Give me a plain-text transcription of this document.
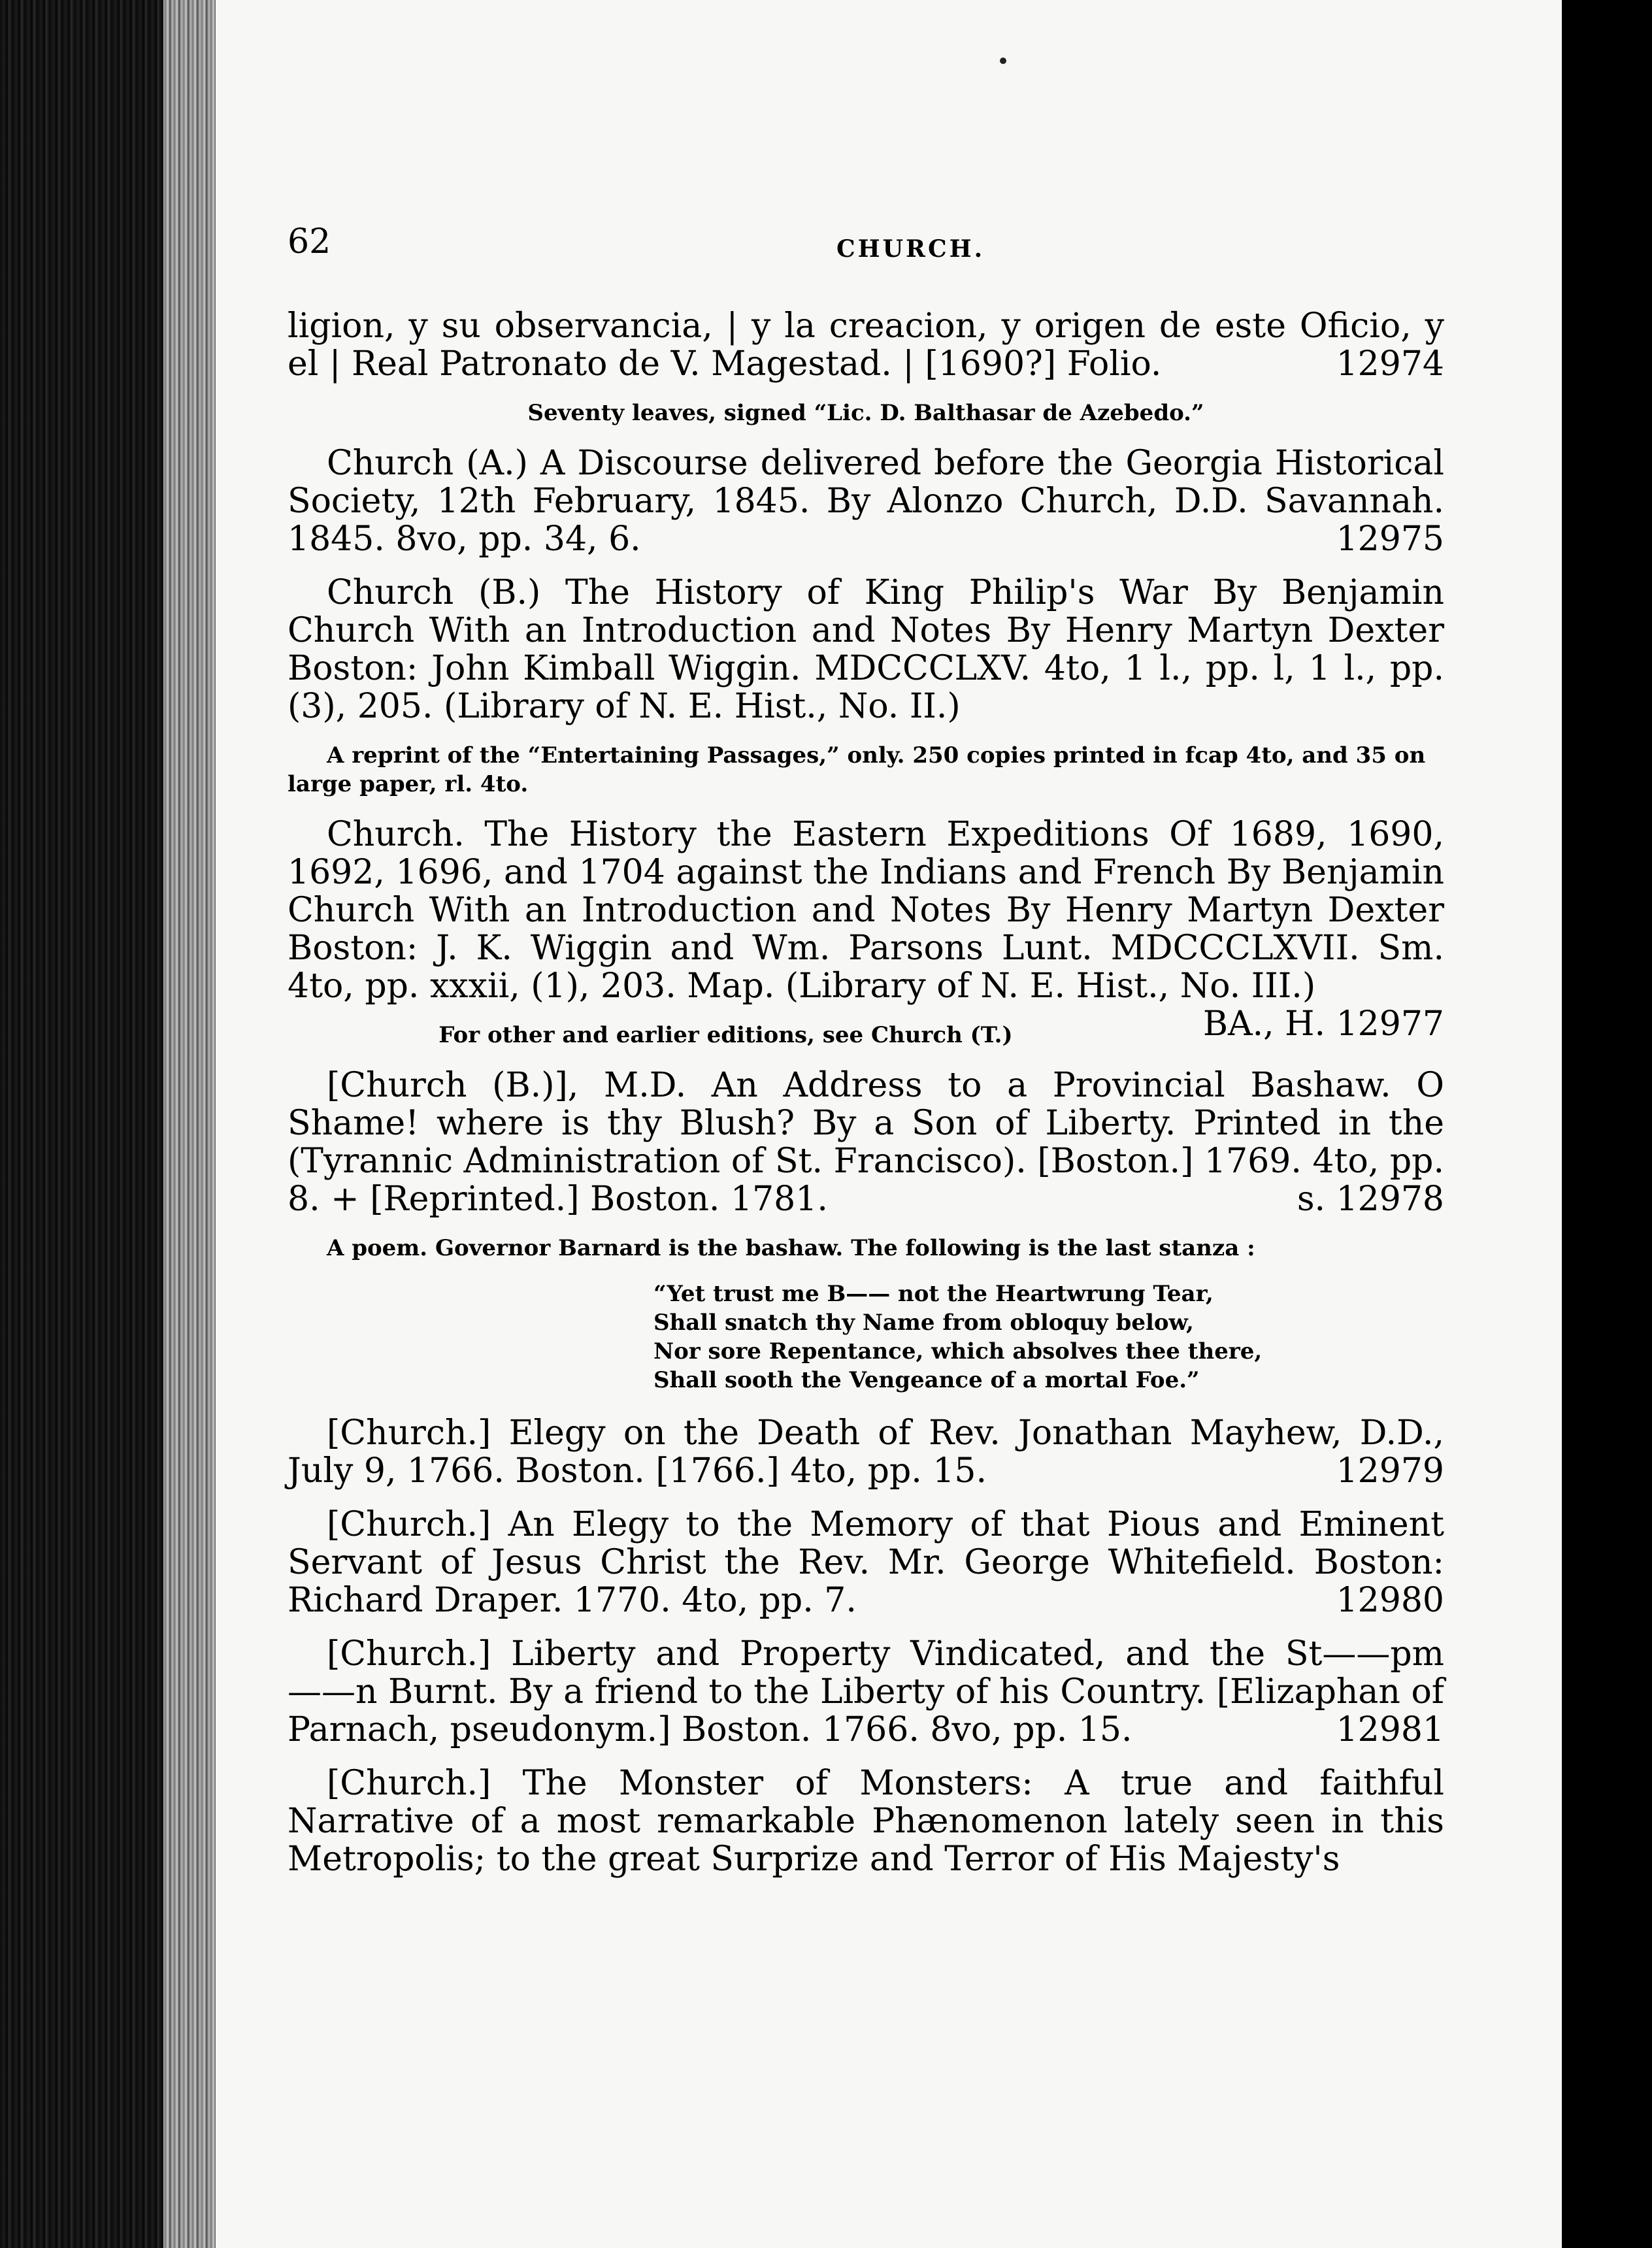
62	CHURCH.
ligion, y su observancia, | y la creacion, y origen de este Oficio, y el | Real Patronato de V. Magestad. | [1690?] Folio.	12974
Seventy leaves, signed “Lic. D. Balthasar de Azebedo.”
Church (A.) A Discourse delivered before the Georgia Historical Society, 12th February, 1845. By Alonzo Church, D.D. Savannah. 1845. 8vo, pp. 34, 6.	12975
Church (B.) The History of King Philip's War By Benjamin Church With an Introduction and Notes By Henry Martyn Dexter Boston: John Kimball Wiggin. MDCCCLXV. 4to, 1 l., pp. l, 1 l., pp. (3), 205. (Library of N. E. Hist., No. II.)
A reprint of the “Entertaining Passages,” only. 250 copies printed in fcap 4to, and 35 on large paper, rl. 4to.
Church. The History the Eastern Expeditions Of 1689, 1690, 1692, 1696, and 1704 against the Indians and French By Benjamin Church With an Introduction and Notes By Henry Martyn Dexter Boston: J. K. Wiggin and Wm. Parsons Lunt. MDCCCLXVII. Sm. 4to, pp. xxxii, (1), 203. Map. (Library of N. E. Hist., No. III.)
BA., H. 12977
For other and earlier editions, see Church (T.)
[Church (B.)], M.D. An Address to a Provincial Bashaw. O Shame! where is thy Blush? By a Son of Liberty. Printed in the (Tyrannic Administration of St. Francisco). [Boston.] 1769. 4to, pp. 8. + [Reprinted.] Boston. 1781.	s. 12978
A poem. Governor Barnard is the bashaw. The following is the last stanza :
“Yet trust me B—— not the Heartwrung Tear,
Shall snatch thy Name from obloquy below,
Nor sore Repentance, which absolves thee there,
Shall sooth the Vengeance of a mortal Foe.”
[Church.] Elegy on the Death of Rev. Jonathan Mayhew, D.D., July 9, 1766. Boston. [1766.] 4to, pp. 15.	12979
[Church.] An Elegy to the Memory of that Pious and Eminent Servant of Jesus Christ the Rev. Mr. George Whitefield. Boston: Richard Draper. 1770. 4to, pp. 7.	12980
[Church.] Liberty and Property Vindicated, and the St——pm——n Burnt. By a friend to the Liberty of his Country. [Elizaphan of Parnach, pseudonym.] Boston. 1766. 8vo, pp. 15.	12981
[Church.] The Monster of Monsters: A true and faithful Narrative of a most remarkable Phænomenon lately seen in this Metropolis; to the great Surprize and Terror of His Majesty's
